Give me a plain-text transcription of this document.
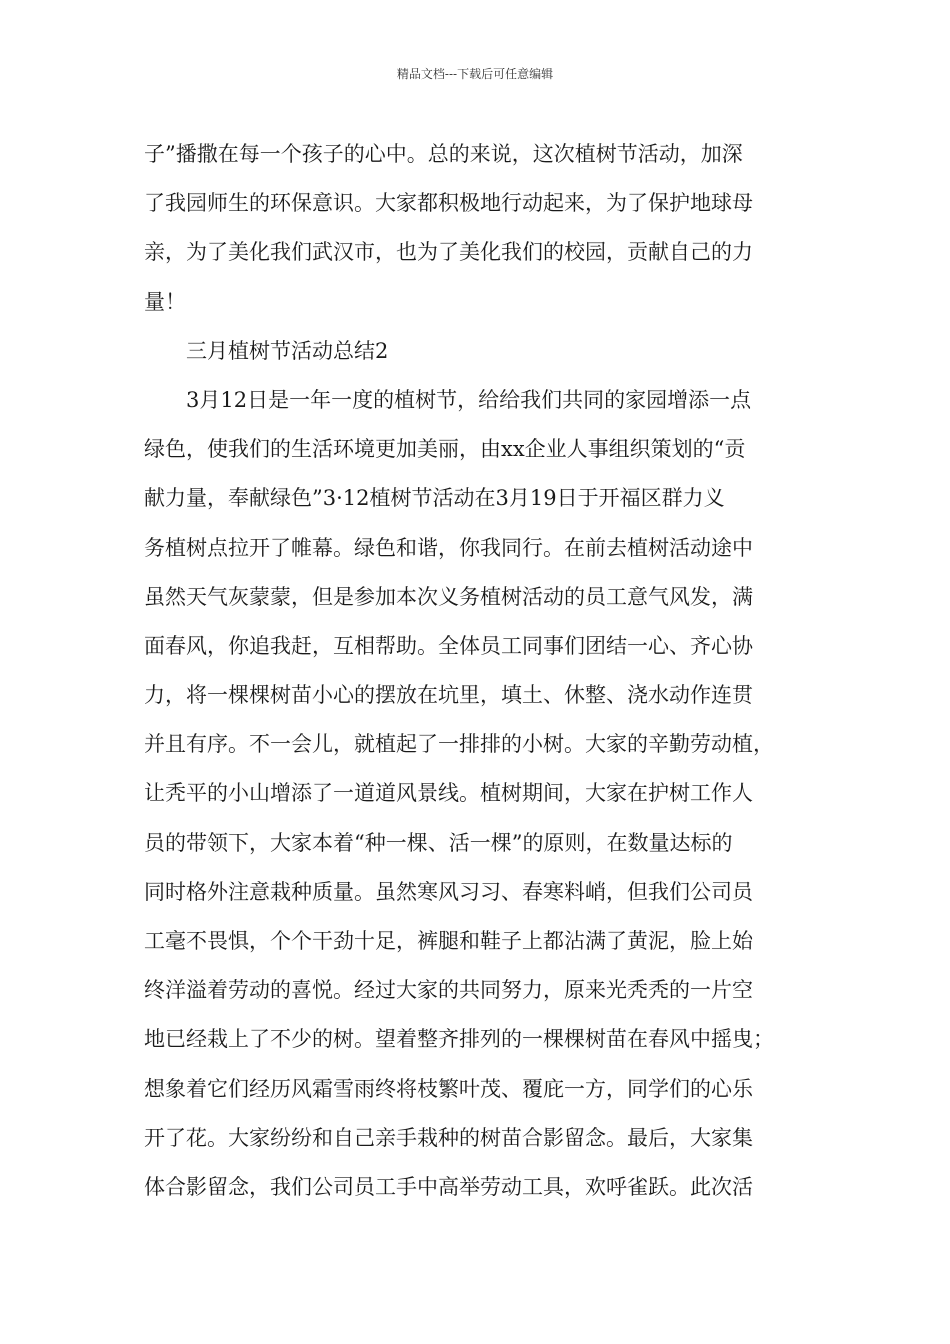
精品文档---下载后可任意编辑
子”播撒在每一个孩子的心中。总的来说，这次植树节活动，加深
了我园师生的环保意识。大家都积极地行动起来，为了保护地球母
亲，为了美化我们武汉市，也为了美化我们的校园，贡献自己的力
量！
三月植树节活动总结2
3月12日是一年一度的植树节，给给我们共同的家园增添一点
绿色，使我们的生活环境更加美丽，由xx企业人事组织策划的“贡
献力量，奉献绿色”3·12植树节活动在3月19日于开福区群力义
务植树点拉开了帷幕。绿色和谐，你我同行。在前去植树活动途中
虽然天气灰蒙蒙，但是参加本次义务植树活动的员工意气风发，满
面春风，你追我赶，互相帮助。全体员工同事们团结一心、齐心协
力，将一棵棵树苗小心的摆放在坑里，填土、休整、浇水动作连贯
并且有序。不一会儿，就植起了一排排的小树。大家的辛勤劳动植，
让秃平的小山增添了一道道风景线。植树期间，大家在护树工作人
员的带领下，大家本着“种一棵、活一棵”的原则，在数量达标的
同时格外注意栽种质量。虽然寒风习习、春寒料峭，但我们公司员
工毫不畏惧，个个干劲十足，裤腿和鞋子上都沾满了黄泥，脸上始
终洋溢着劳动的喜悦。经过大家的共同努力，原来光秃秃的一片空
地已经栽上了不少的树。望着整齐排列的一棵棵树苗在春风中摇曳；
想象着它们经历风霜雪雨终将枝繁叶茂、覆庇一方，同学们的心乐
开了花。大家纷纷和自己亲手栽种的树苗合影留念。最后，大家集
体合影留念，我们公司员工手中高举劳动工具，欢呼雀跃。此次活
